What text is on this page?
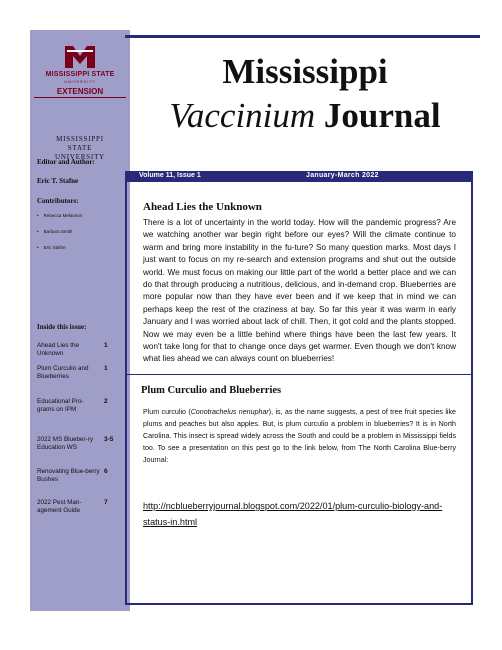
MISSISSIPPI STATE
UNIVERSITY
EXTENSION
MISSISSIPPI
STATE
UNIVERSITY
Editor and Author:
Eric T. Stafne
Contributors:
• Rebecca Melanson
• Barbara Smith
• Eric Stafne
Inside this issue:
Ahead Lies the Unknown
1
Plum Curculio and Blueberries
1
Educational Pro-grams on IPM
2
2022 MS Blueber-ry Education WS
3-5
Renovating Blue-berry Bushes
6
2022 Pest Man-agement Guide
7
Mississippi
Vaccinium Journal
Volume 11, Issue 1	January-March 2022
Ahead Lies the Unknown

There is a lot of uncertainty in the world today. How will the pandemic progress? Are we watching another war begin right before our eyes? Will the climate continue to warm and bring more instability in the fu-ture? So many question marks. Most days I just want to focus on my re-search and extension programs and shut out the outside world. We must focus on making our little part of the world a better place and we can do that through producing a nutritious, delicious, and in-demand crop. Blueberries are more popular now than they have ever been and if we keep that in mind we can perhaps keep the rest of the craziness at bay. So far this year it was warm in early January and I was worried about lack of chill. Then, it got cold and the plants stopped. Now we may even be a little behind where things have been the last few years. It won't take long for that to change once days get warmer. Even though we don't know what lies ahead we can always count on blueberries!

Plum Curculio and Blueberries

Plum curculio (Conotrachelus nenuphar), is, as the name suggests, a pest of tree fruit species like plums and peaches but also apples. But, is plum curculio a problem in blueberries? It is in North Carolina. This insect is spread widely across the South and could be a problem in Mississippi fields too. To see a presentation on this pest go to the link below, from The North Carolina Blue-berry Journal:

http://ncblueberryjournal.blogspot.com/2022/01/plum-curculio-biology-and-status-in.html
